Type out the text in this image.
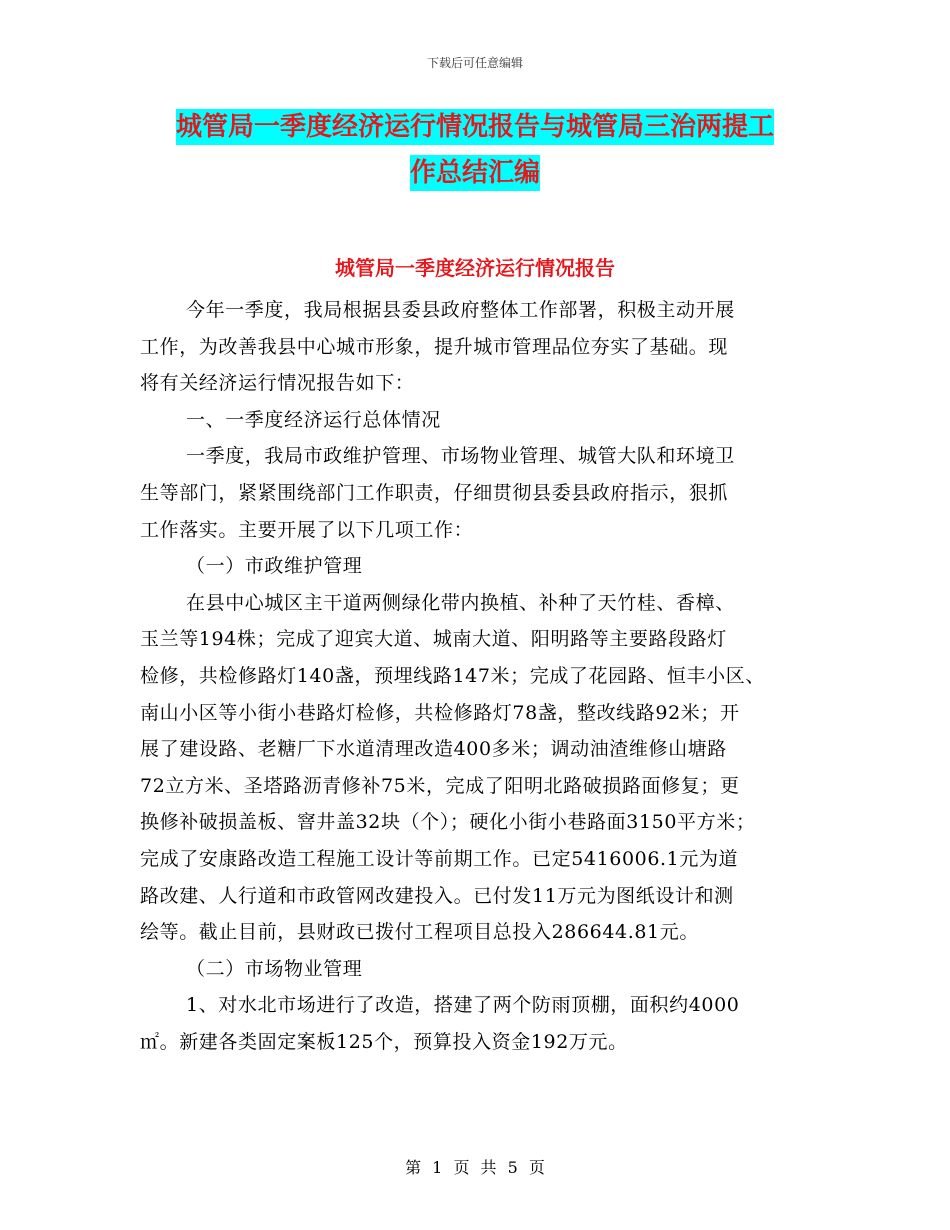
下载后可任意编辑
城管局一季度经济运行情况报告与城管局三治两提工
作总结汇编
城管局一季度经济运行情况报告
今年一季度，我局根据县委县政府整体工作部署，积极主动开展
工作，为改善我县中心城市形象，提升城市管理品位夯实了基础。现
将有关经济运行情况报告如下：
一、一季度经济运行总体情况
一季度，我局市政维护管理、市场物业管理、城管大队和环境卫
生等部门，紧紧围绕部门工作职责，仔细贯彻县委县政府指示，狠抓
工作落实。主要开展了以下几项工作：
（一）市政维护管理
在县中心城区主干道两侧绿化带内换植、补种了天竹桂、香樟、
玉兰等194株；完成了迎宾大道、城南大道、阳明路等主要路段路灯
检修，共检修路灯140盏，预埋线路147米；完成了花园路、恒丰小区、
南山小区等小街小巷路灯检修，共检修路灯78盏，整改线路92米；开
展了建设路、老糖厂下水道清理改造400多米；调动油渣维修山塘路
72立方米、圣塔路沥青修补75米，完成了阳明北路破损路面修复；更
换修补破损盖板、窨井盖32块（个）；硬化小街小巷路面3150平方米；
完成了安康路改造工程施工设计等前期工作。已定5416006.1元为道
路改建、人行道和市政管网改建投入。已付发11万元为图纸设计和测
绘等。截止目前，县财政已拨付工程项目总投入286644.81元。
（二）市场物业管理
1、对水北市场进行了改造，搭建了两个防雨顶棚，面积约4000
㎡。新建各类固定案板125个，预算投入资金192万元。
第 1 页 共 5 页
